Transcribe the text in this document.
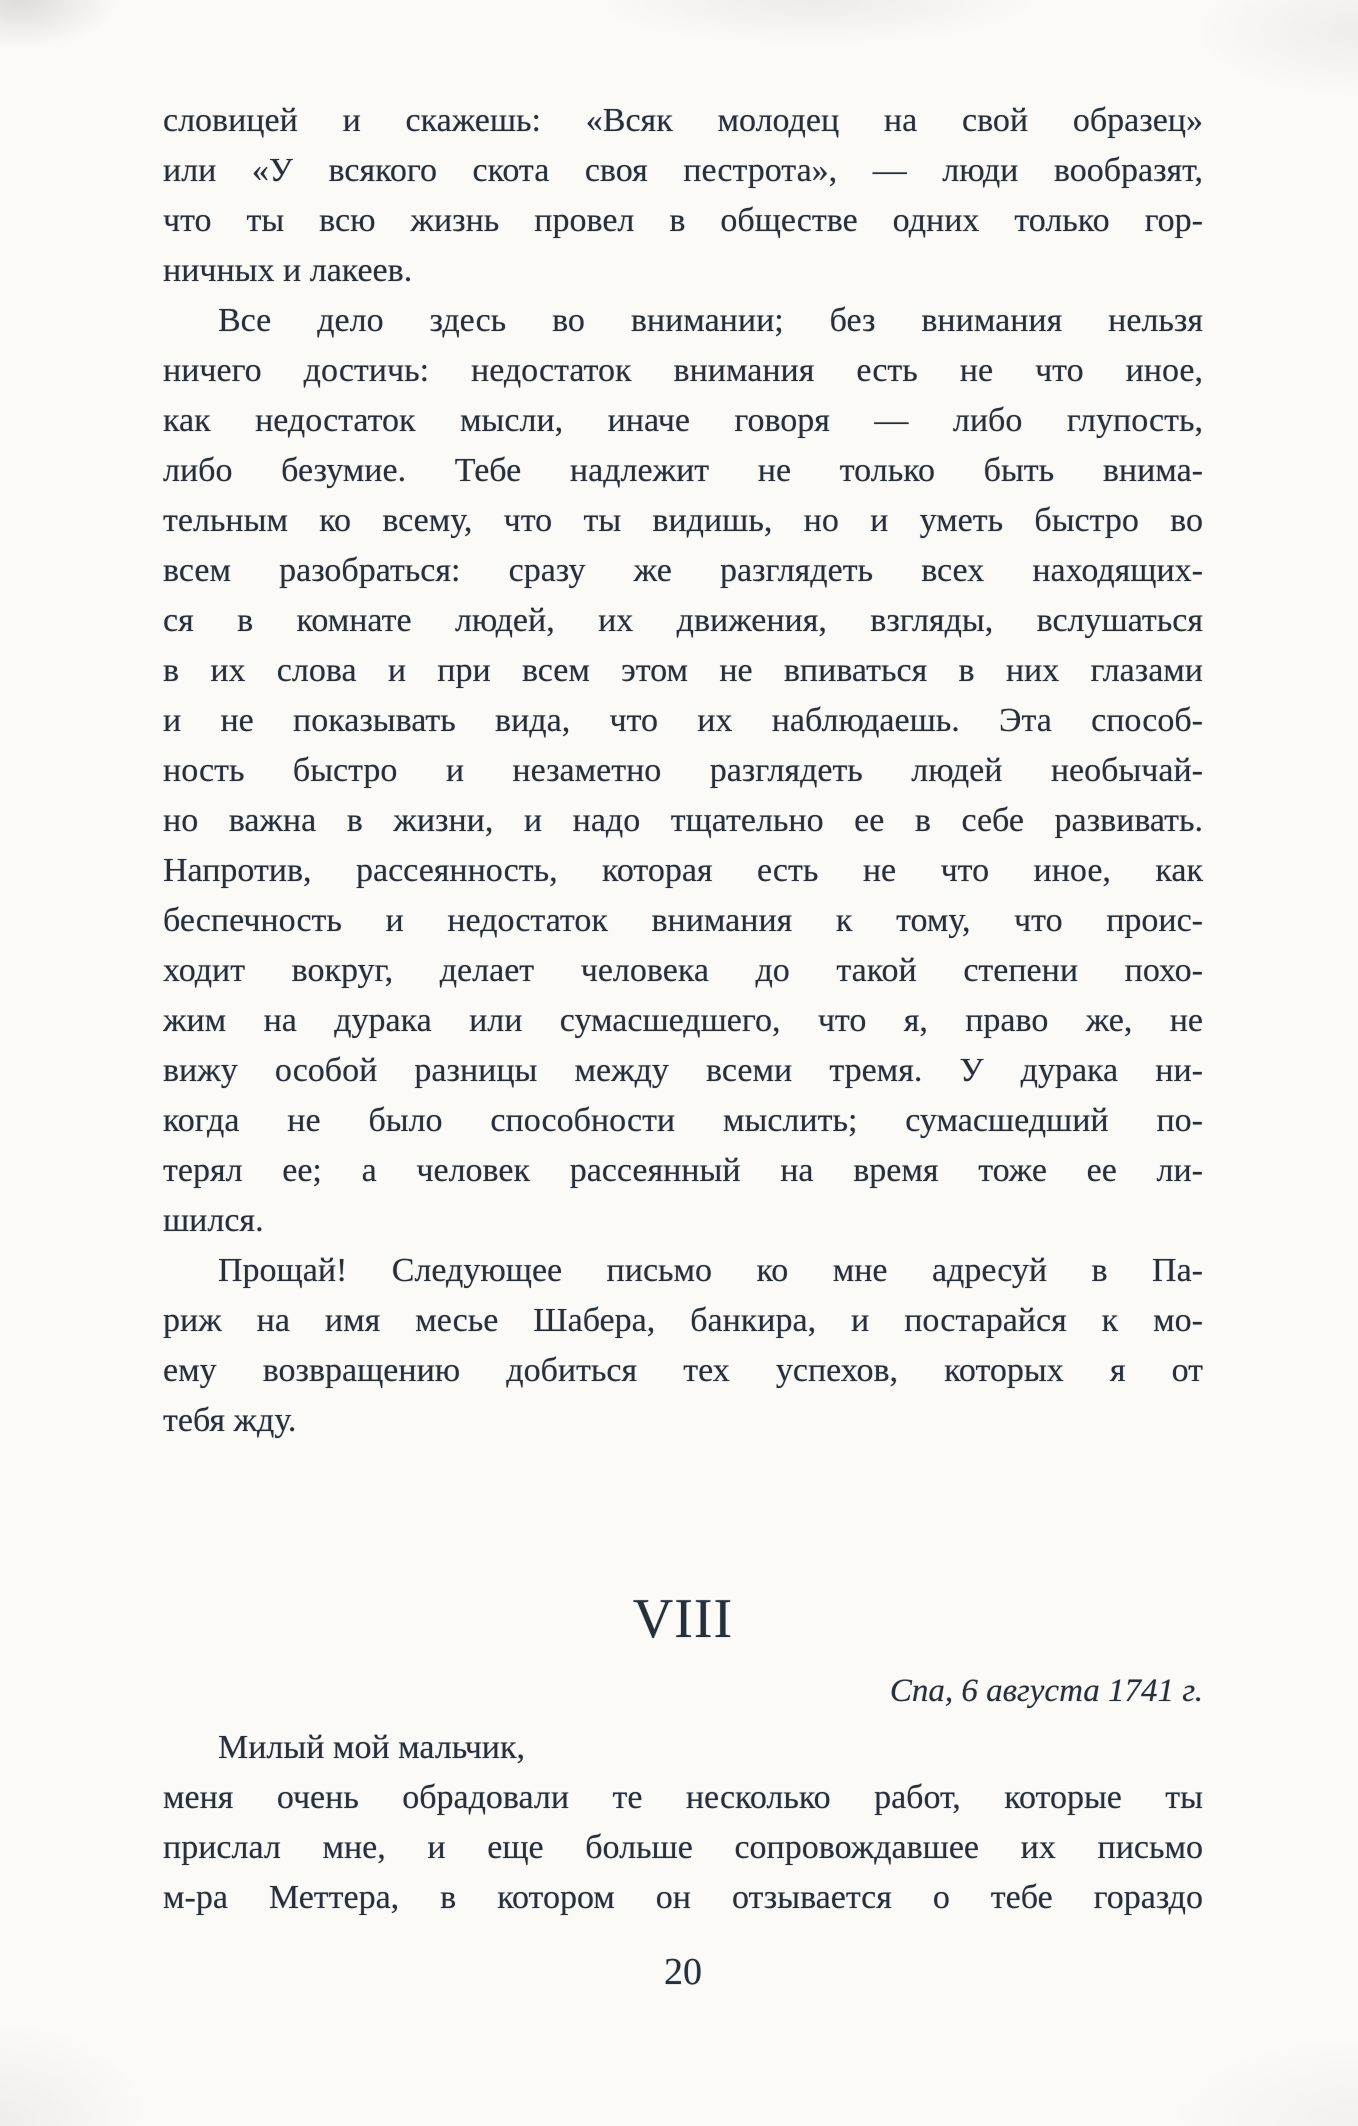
словицей и скажешь: «Всяк молодец на свой образец»
или «У всякого скота своя пестрота», — люди вообразят,
что ты всю жизнь провел в обществе одних только гор-
ничных и лакеев.
Все дело здесь во внимании; без внимания нельзя
ничего достичь: недостаток внимания есть не что иное,
как недостаток мысли, иначе говоря — либо глупость,
либо безумие. Тебе надлежит не только быть внима-
тельным ко всему, что ты видишь, но и уметь быстро во
всем разобраться: сразу же разглядеть всех находящих-
ся в комнате людей, их движения, взгляды, вслушаться
в их слова и при всем этом не впиваться в них глазами
и не показывать вида, что их наблюдаешь. Эта способ-
ность быстро и незаметно разглядеть людей необычай-
но важна в жизни, и надо тщательно ее в себе развивать.
Напротив, рассеянность, которая есть не что иное, как
беспечность и недостаток внимания к тому, что проис-
ходит вокруг, делает человека до такой степени похо-
жим на дурака или сумасшедшего, что я, право же, не
вижу особой разницы между всеми тремя. У дурака ни-
когда не было способности мыслить; сумасшедший по-
терял ее; а человек рассеянный на время тоже ее ли-
шился.
Прощай! Следующее письмо ко мне адресуй в Па-
риж на имя месье Шабера, банкира, и постарайся к мо-
ему возвращению добиться тех успехов, которых я от
тебя жду.
VIII
Спа, 6 августа 1741 г.
Милый мой мальчик,
меня очень обрадовали те несколько работ, которые ты
прислал мне, и еще больше сопровождавшее их письмо
м-ра Меттера, в котором он отзывается о тебе гораздо
20
